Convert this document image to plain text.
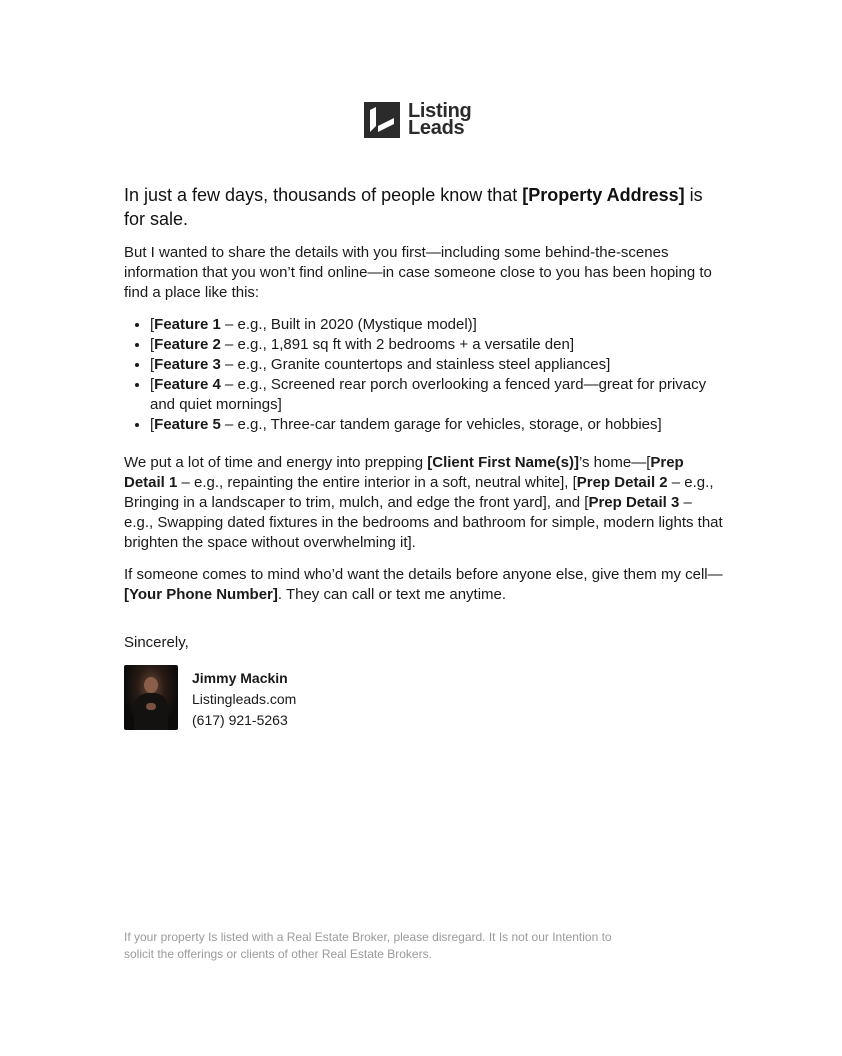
Listing
Leads
In just a few days, thousands of people know that [Property Address] is for sale.

But I wanted to share the details with you first—including some behind-the-scenes information that you won’t find online—in case someone close to you has been hoping to find a place like this:

• [Feature 1 – e.g., Built in 2020 (Mystique model)]
• [Feature 2 – e.g., 1,891 sq ft with 2 bedrooms + a versatile den]
• [Feature 3 – e.g., Granite countertops and stainless steel appliances]
• [Feature 4 – e.g., Screened rear porch overlooking a fenced yard—great for privacy and quiet mornings]
• [Feature 5 – e.g., Three-car tandem garage for vehicles, storage, or hobbies]

We put a lot of time and energy into prepping [Client First Name(s)]’s home—[Prep Detail 1 – e.g., repainting the entire interior in a soft, neutral white], [Prep Detail 2 – e.g., Bringing in a landscaper to trim, mulch, and edge the front yard], and [Prep Detail 3 – e.g., Swapping dated fixtures in the bedrooms and bathroom for simple, modern lights that brighten the space without overwhelming it].

If someone comes to mind who’d want the details before anyone else, give them my cell—[Your Phone Number]. They can call or text me anytime.

Sincerely,

Jimmy Mackin
Listingleads.com
(617) 921-5263
If your property Is listed with a Real Estate Broker, please disregard. It Is not our Intention to solicit the offerings or clients of other Real Estate Brokers.
